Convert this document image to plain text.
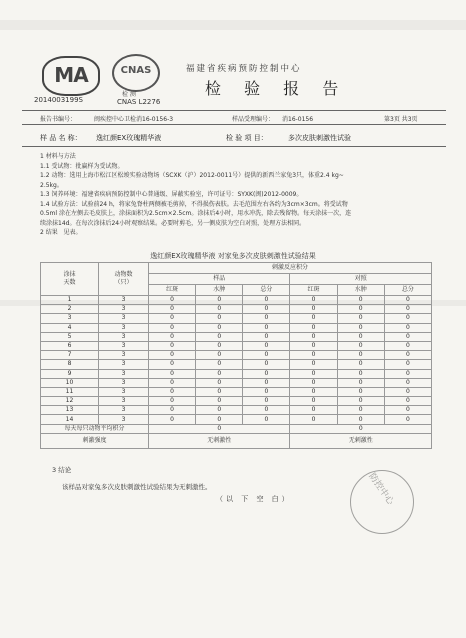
MA
2014003199S
CNAS
检 测
CNAS L2276
福建省疾病预防控制中心
检 验 报 告
报告书编号：	闽疾控中心卫检消16-0156-3	样品受理编号： 消16-0156	第3页 共3页
样 品 名 称： 逸红颜EX玫瑰精华液	检 验 项 目：	多次皮肤刺激性试验
1 材料与方法
1.1 受试物：批赢样为受试物。
1.2 动物：选用上海市松江区松竣实验动物场（SCXK（沪）2012-0011号）提供的新西兰家兔3只，体重2.4 kg~
2.5kg。
1.3 饲养环境：福建省疾病预防控制中心普通级、屏蔽实验室，许可证号：SYXK(闽)2012-0009。
1.4 试验方法：试验前24 h，将家兔脊柱两侧被毛剪掉，不得损伤表肤。去毛范围左右各约为3cm×3cm。将受试物
0.5ml 涂在左侧去毛皮肤上，涂抹面积为2.5cm×2.5cm。涂抹后4小时，用水冲洗，除去残留物。每天涂抹一次，连
续涂抹14d。在每次涂抹后24小时观察结果。必要时剪毛，另一侧皮肤为空白对照，处理方法相同。
2 结果 见表。
逸红颜EX玫瑰精华液 对家兔多次皮肤刺激性试验结果
涂抹
天数	动物数
（只）	刺激反应积分					
		样品			对照		
		红斑	水肿	总分	红斑	水肿	总分
1	3	0	0	0	0	0	0
2	3	0	0	0	0	0	0
3	3	0	0	0	0	0	0
4	3	0	0	0	0	0	0
5	3	0	0	0	0	0	0
6	3	0	0	0	0	0	0
7	3	0	0	0	0	0	0
8	3	0	0	0	0	0	0
9	3	0	0	0	0	0	0
10	3	0	0	0	0	0	0
11	3	0	0	0	0	0	0
12	3	0	0	0	0	0	0
13	3	0	0	0	0	0	0
14	3	0	0	0	0	0	0
每天每只动物平均积分		0			0		
刺激强度		无刺激性			无刺激性		
3 结论
该样品对家兔多次皮肤刺激性试验结果为无刺激性。
（以 下 空 白）	防控中心
